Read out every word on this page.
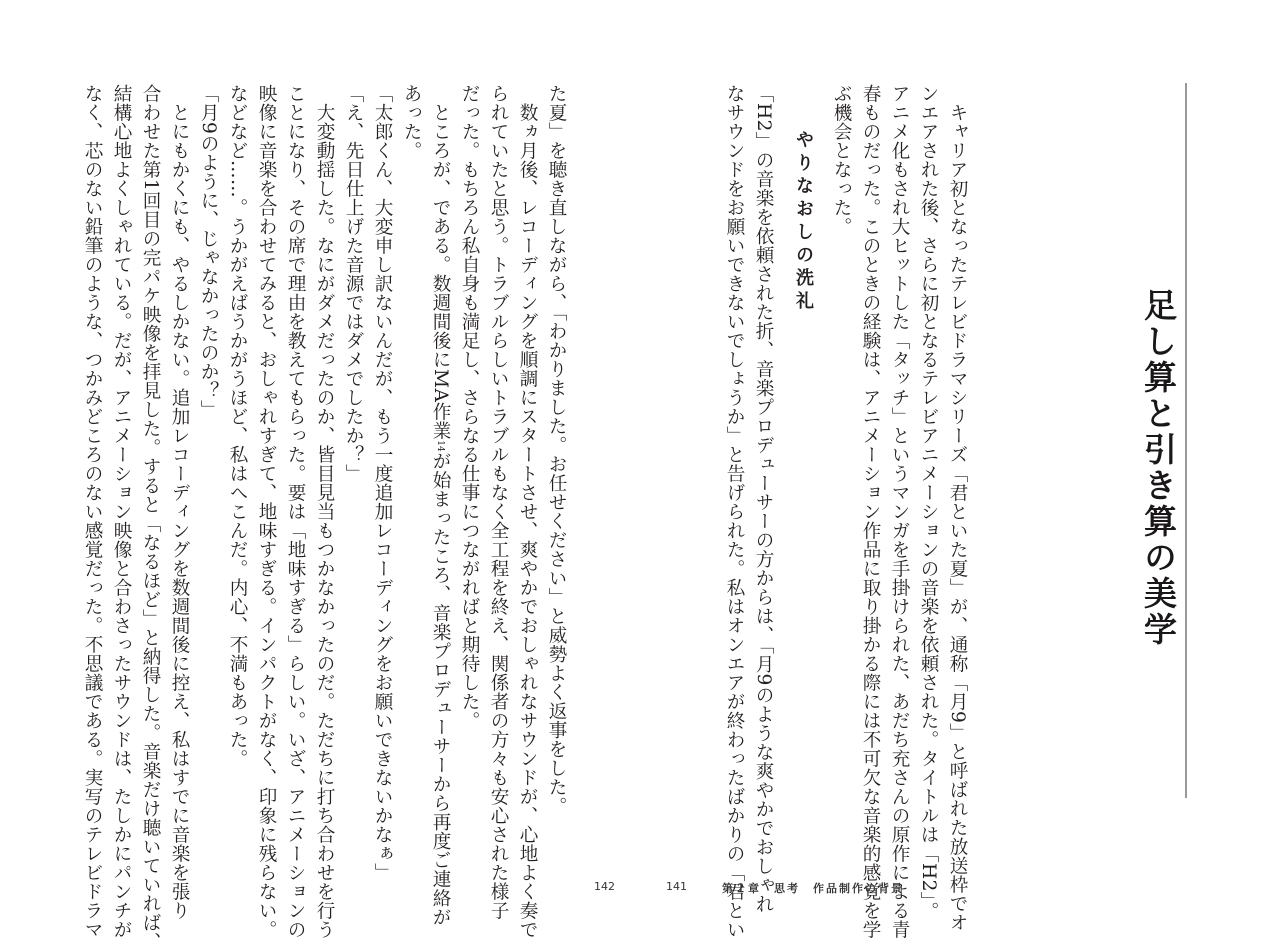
足し算と引き算の美学
　キャリア初となったテレビドラマシリーズ「君といた夏」が、通称「月9」と呼ばれた放送枠でオ
ンエアされた後、さらに初となるテレビアニメーションの音楽を依頼された。タイトルは「H2」。
アニメ化もされ大ヒットした「タッチ」というマンガを手掛けられた、あだち充さんの原作による青
春ものだった。このときの経験は、アニメーション作品に取り掛かる際には不可欠な音楽的感覚を学
ぶ機会となった。
やりなおしの洗礼
「H2」の音楽を依頼された折、音楽プロデューサーの方からは、「月9のような爽やかでおしゃれ
なサウンドをお願いできないでしょうか」と告げられた。私はオンエアが終わったばかりの「君とい
た夏」を聴き直しながら、「わかりました。お任せください」と威勢よく返事をした。
　数ヵ月後、レコーディングを順調にスタートさせ、爽やかでおしゃれなサウンドが、心地よく奏で
られていたと思う。トラブルらしいトラブルもなく全工程を終え、関係者の方々も安心された様子
だった。もちろん私自身も満足し、さらなる仕事につながればと期待した。
　ところが、である。数週間後にMA作業14が始まったころ、音楽プロデューサーから再度ご連絡が
あった。
「太郎くん、大変申し訳ないんだが、もう一度追加レコーディングをお願いできないかなぁ」
「え、先日仕上げた音源ではダメでしたか？」
　大変動揺した。なにがダメだったのか、皆目見当もつかなかったのだ。ただちに打ち合わせを行う
ことになり、その席で理由を教えてもらった。要は「地味すぎる」らしい。いざ、アニメーションの
映像に音楽を合わせてみると、おしゃれすぎて、地味すぎる。インパクトがなく、印象に残らない。
などなど……。うかがえばうかがうほど、私はへこんだ。内心、不満もあった。
「月9のように、じゃなかったのか？」
　とにもかくにも、やるしかない。追加レコーディングを数週間後に控え、私はすでに音楽を張り
合わせた第1回目の完パケ映像を拝見した。すると「なるほど」と納得した。音楽だけ聴いていれば、
結構心地よくしゃれている。だが、アニメーション映像と合わさったサウンドは、たしかにパンチが
なく、芯のない鉛筆のような、つかみどころのない感覚だった。不思議である。実写のテレビドラマ	142	141	第２章　思考　作品制作の背景
